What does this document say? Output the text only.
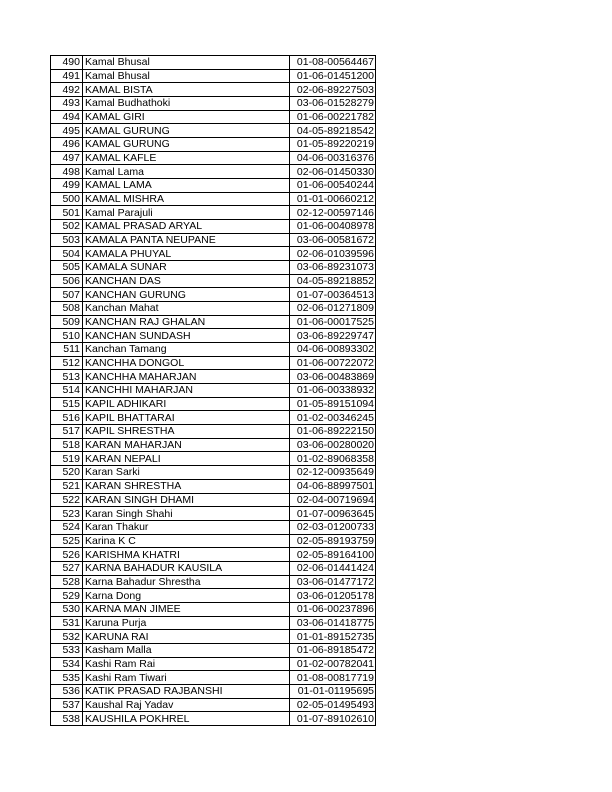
490	Kamal Bhusal	01-08-00564467
491	Kamal Bhusal	01-06-01451200
492	KAMAL BISTA	02-06-89227503
493	Kamal Budhathoki	03-06-01528279
494	KAMAL GIRI	01-06-00221782
495	KAMAL GURUNG	04-05-89218542
496	KAMAL GURUNG	01-05-89220219
497	KAMAL KAFLE	04-06-00316376
498	Kamal Lama	02-06-01450330
499	KAMAL LAMA	01-06-00540244
500	KAMAL MISHRA	01-01-00660212
501	Kamal Parajuli	02-12-00597146
502	KAMAL PRASAD ARYAL	01-06-00408978
503	KAMALA PANTA NEUPANE	03-06-00581672
504	KAMALA PHUYAL	02-06-01039596
505	KAMALA SUNAR	03-06-89231073
506	KANCHAN DAS	04-05-89218852
507	KANCHAN GURUNG	01-07-00364513
508	Kanchan Mahat	02-06-01271809
509	KANCHAN RAJ GHALAN	01-06-00017525
510	KANCHAN SUNDASH	03-06-89229747
511	Kanchan Tamang	04-06-00893302
512	KANCHHA DONGOL	01-06-00722072
513	KANCHHA MAHARJAN	03-06-00483869
514	KANCHHI MAHARJAN	01-06-00338932
515	KAPIL ADHIKARI	01-05-89151094
516	KAPIL BHATTARAI	01-02-00346245
517	KAPIL SHRESTHA	01-06-89222150
518	KARAN MAHARJAN	03-06-00280020
519	KARAN NEPALI	01-02-89068358
520	Karan Sarki	02-12-00935649
521	KARAN SHRESTHA	04-06-88997501
522	KARAN SINGH DHAMI	02-04-00719694
523	Karan Singh Shahi	01-07-00963645
524	Karan Thakur	02-03-01200733
525	Karina K C	02-05-89193759
526	KARISHMA KHATRI	02-05-89164100
527	KARNA BAHADUR KAUSILA	02-06-01441424
528	Karna Bahadur Shrestha	03-06-01477172
529	Karna Dong	03-06-01205178
530	KARNA MAN JIMEE	01-06-00237896
531	Karuna Purja	03-06-01418775
532	KARUNA RAI	01-01-89152735
533	Kasham Malla	01-06-89185472
534	Kashi Ram Rai	01-02-00782041
535	Kashi Ram Tiwari	01-08-00817719
536	KATIK PRASAD RAJBANSHI	01-01-01195695
537	Kaushal Raj Yadav	02-05-01495493
538	KAUSHILA POKHREL	01-07-89102610
